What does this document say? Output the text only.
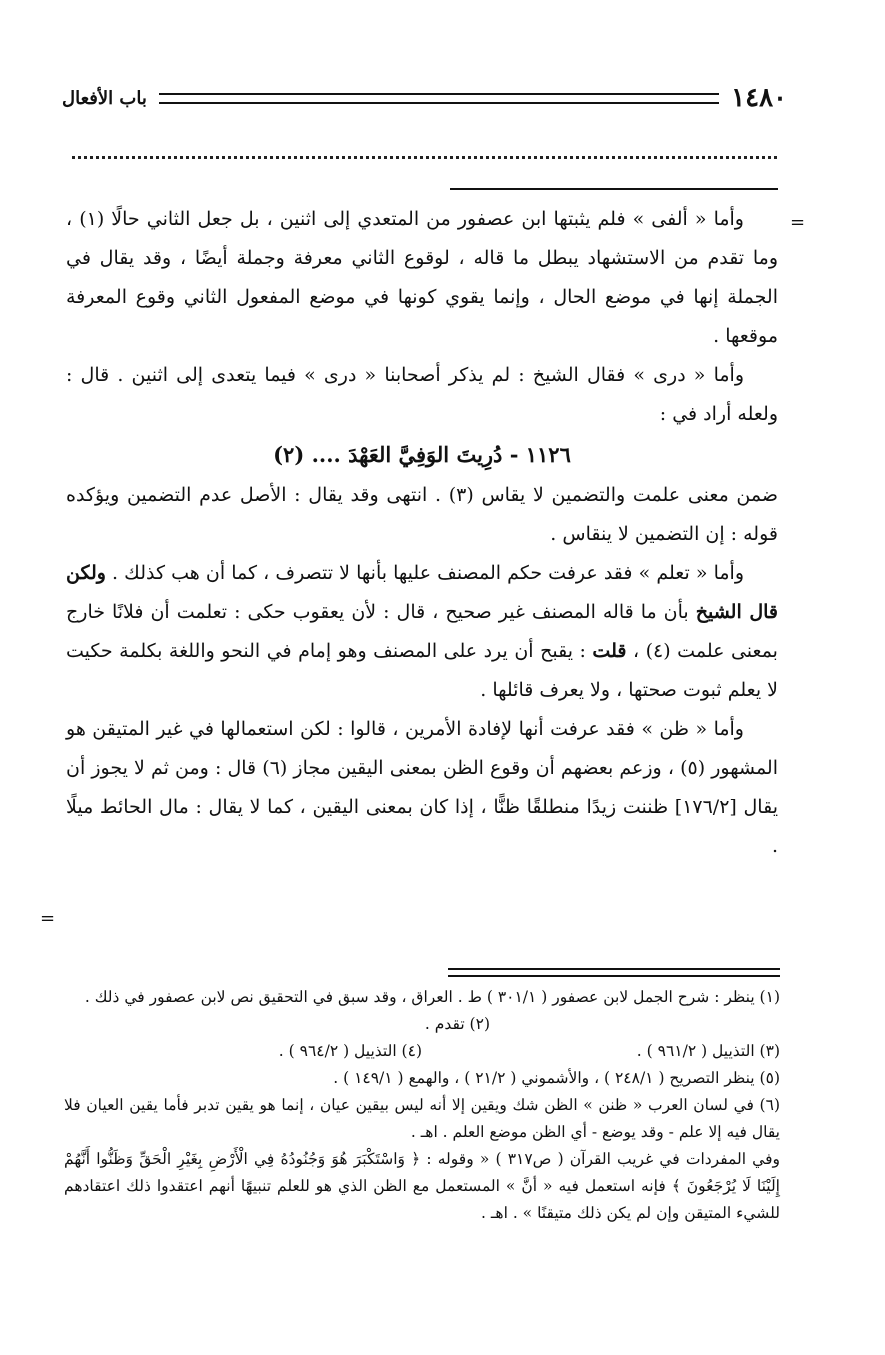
١٤٨٠
باب الأفعال
=
=

وأما « ألفى » فلم يثبتها ابن عصفور من المتعدي إلى اثنين ، بل جعل الثاني حالًا (١) ، وما تقدم من الاستشهاد يبطل ما قاله ، لوقوع الثاني معرفة وجملة أيضًا ، وقد يقال في الجملة إنها في موضع الحال ، وإنما يقوي كونها في موضع المفعول الثاني وقوع المعرفة موقعها .

وأما « درى » فقال الشيخ : لم يذكر أصحابنا « درى » فيما يتعدى إلى اثنين . قال : ولعله أراد في :

١١٢٦ - دُرِيتَ الوَفِيَّ العَهْدَ .... (٢)

ضمن معنى علمت والتضمين لا يقاس (٣) . انتهى وقد يقال : الأصل عدم التضمين ويؤكده قوله : إن التضمين لا ينقاس .

وأما « تعلم » فقد عرفت حكم المصنف عليها بأنها لا تتصرف ، كما أن هب كذلك . ولكن قال الشيخ بأن ما قاله المصنف غير صحيح ، قال : لأن يعقوب حكى : تعلمت أن فلانًا خارج بمعنى علمت (٤) ، قلت : يقبح أن يرد على المصنف وهو إمام في النحو واللغة بكلمة حكيت لا يعلم ثبوت صحتها ، ولا يعرف قائلها .

وأما « ظن » فقد عرفت أنها لإفادة الأمرين ، قالوا : لكن استعمالها في غير المتيقن هو المشهور (٥) ، وزعم بعضهم أن وقوع الظن بمعنى اليقين مجاز (٦) قال : ومن ثم لا يجوز أن يقال [١٧٦/٢] ظننت زيدًا منطلقًا ظنًّا ، إذا كان بمعنى اليقين ، كما لا يقال : مال الحائط ميلًا .

(١) ينظر : شرح الجمل لابن عصفور ( ٣٠١/١ ) ط . العراق ، وقد سبق في التحقيق نص لابن عصفور في ذلك .

(٢) تقدم .

(٣) التذييل ( ٩٦١/٢ ) .
(٤) التذييل ( ٩٦٤/٢ ) .

(٥) ينظر التصريح ( ٢٤٨/١ ) ، والأشموني ( ٢١/٢ ) ، والهمع ( ١٤٩/١ ) .

(٦) في لسان العرب « ظنن » الظن شك ويقين إلا أنه ليس بيقين عيان ، إنما هو يقين تدبر فأما يقين العيان فلا يقال فيه إلا علم - وقد يوضع - أي الظن موضع العلم . اهـ .

وفي المفردات في غريب القرآن ( ص٣١٧ ) « وقوله : ﴿ وَاسْتَكْبَرَ هُوَ وَجُنُودُهُ فِي الْأَرْضِ بِغَيْرِ الْحَقِّ وَظَنُّوا أَنَّهُمْ إِلَيْنَا لَا يُرْجَعُونَ ﴾ فإنه استعمل فيه « أنَّ » المستعمل مع الظن الذي هو للعلم تنبيهًا أنهم اعتقدوا ذلك اعتقادهم للشيء المتيقن وإن لم يكن ذلك متيقنًا » . اهـ .
